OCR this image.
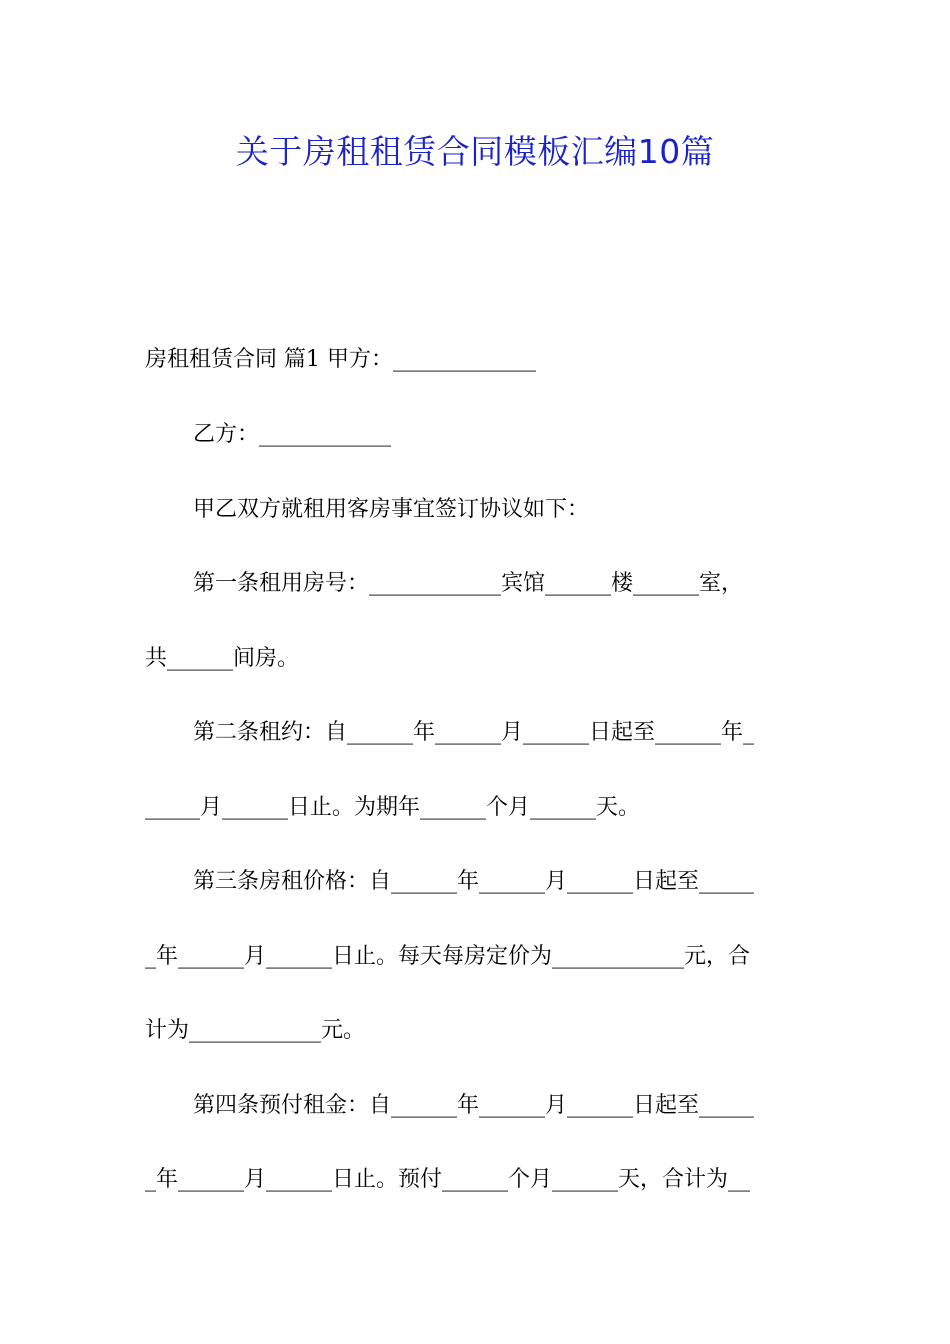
关于房租租赁合同模板汇编10篇
房租租赁合同 篇1 甲方：_____________
乙方：____________
甲乙双方就租用客房事宜签订协议如下：
第一条租用房号：____________宾馆______楼______室，
共______间房。
第二条租约：自______年______月______日起至______年_
_____月______日止。为期年______个月______天。
第三条房租价格：自______年______月______日起至_____
_年______月______日止。每天每房定价为____________元，合
计为____________元。
第四条预付租金：自______年______月______日起至_____
_年______月______日止。预付______个月______天，合计为__
